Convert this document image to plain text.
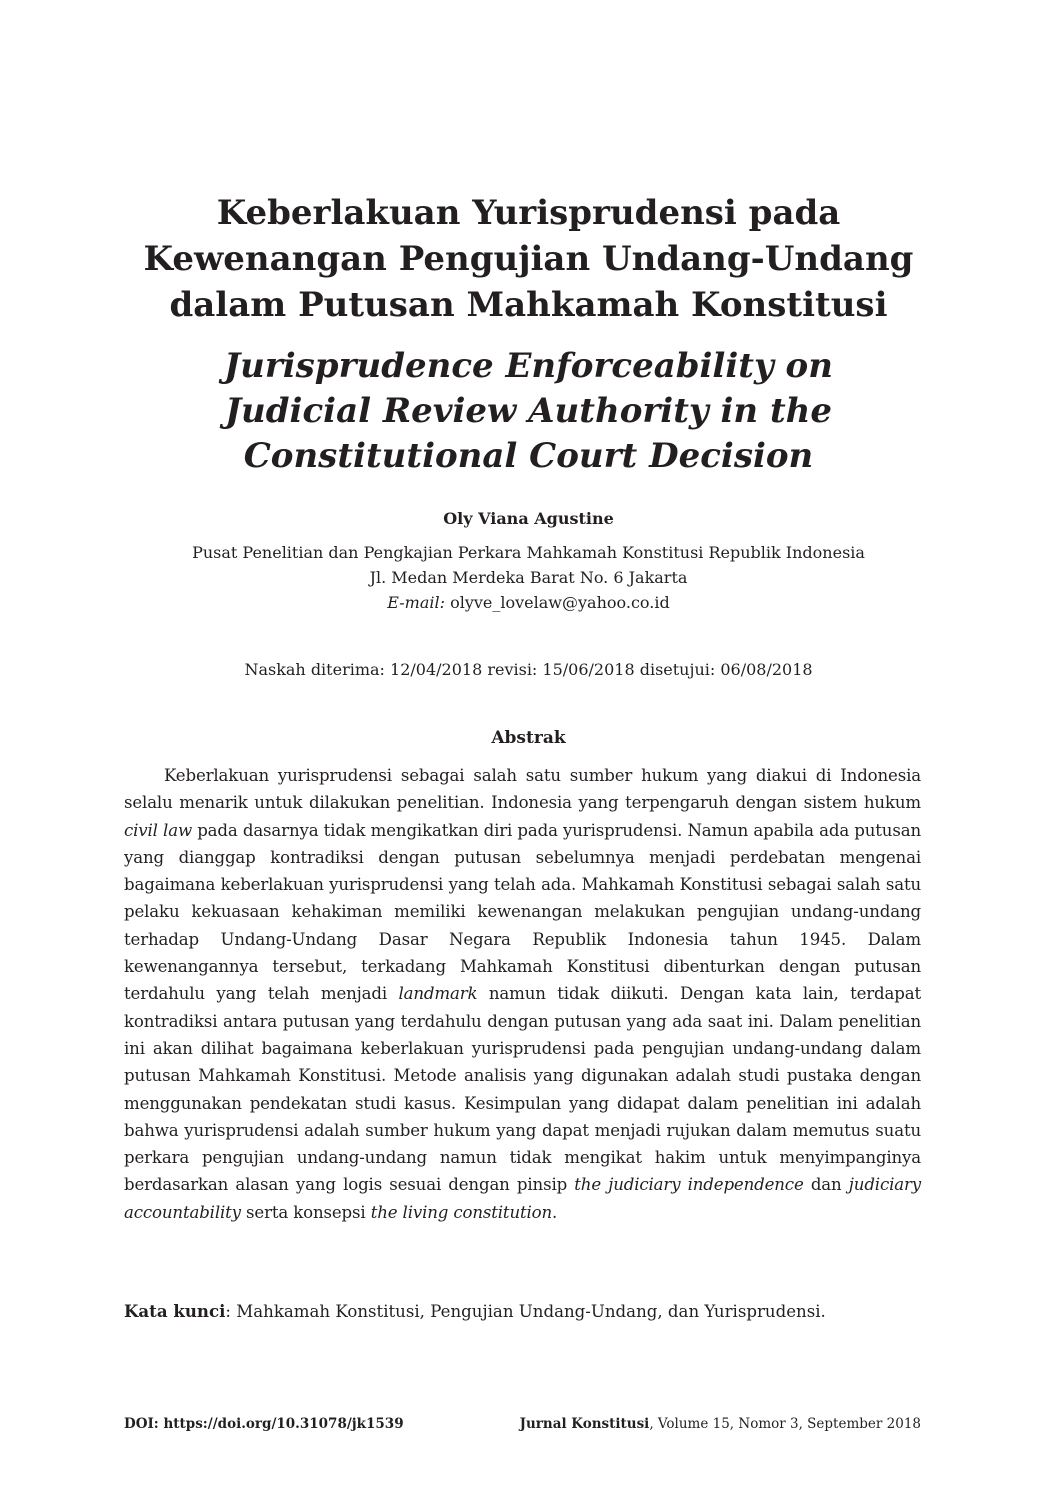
Keberlakuan Yurisprudensi pada
Kewenangan Pengujian Undang-Undang
dalam Putusan Mahkamah Konstitusi
Jurisprudence Enforceability on
Judicial Review Authority in the
Constitutional Court Decision
Oly Viana Agustine
Pusat Penelitian dan Pengkajian Perkara Mahkamah Konstitusi Republik Indonesia
Jl. Medan Merdeka Barat No. 6 Jakarta
E-mail: olyve_lovelaw@yahoo.co.id
Naskah diterima: 12/04/2018 revisi: 15/06/2018 disetujui: 06/08/2018
Abstrak

Keberlakuan yurisprudensi sebagai salah satu sumber hukum yang diakui di Indonesia selalu menarik untuk dilakukan penelitian. Indonesia yang terpengaruh dengan sistem hukum civil law pada dasarnya tidak mengikatkan diri pada yurisprudensi. Namun apabila ada putusan yang dianggap kontradiksi dengan putusan sebelumnya menjadi perdebatan mengenai bagaimana keberlakuan yurisprudensi yang telah ada. Mahkamah Konstitusi sebagai salah satu pelaku kekuasaan kehakiman memiliki kewenangan melakukan pengujian undang-undang terhadap Undang-Undang Dasar Negara Republik Indonesia tahun 1945. Dalam kewenangannya tersebut, terkadang Mahkamah Konstitusi dibenturkan dengan putusan terdahulu yang telah menjadi landmark namun tidak diikuti. Dengan kata lain, terdapat kontradiksi antara putusan yang terdahulu dengan putusan yang ada saat ini. Dalam penelitian ini akan dilihat bagaimana keberlakuan yurisprudensi pada pengujian undang-undang dalam putusan Mahkamah Konstitusi. Metode analisis yang digunakan adalah studi pustaka dengan menggunakan pendekatan studi kasus. Kesimpulan yang didapat dalam penelitian ini adalah bahwa yurisprudensi adalah sumber hukum yang dapat menjadi rujukan dalam memutus suatu perkara pengujian undang-undang namun tidak mengikat hakim untuk menyimpanginya berdasarkan alasan yang logis sesuai dengan pinsip the judiciary independence dan judiciary accountability serta konsepsi the living constitution.

Kata kunci: Mahkamah Konstitusi, Pengujian Undang-Undang, dan Yurisprudensi.
DOI: https://doi.org/10.31078/jk1539	Jurnal Konstitusi, Volume 15, Nomor 3, September 2018
